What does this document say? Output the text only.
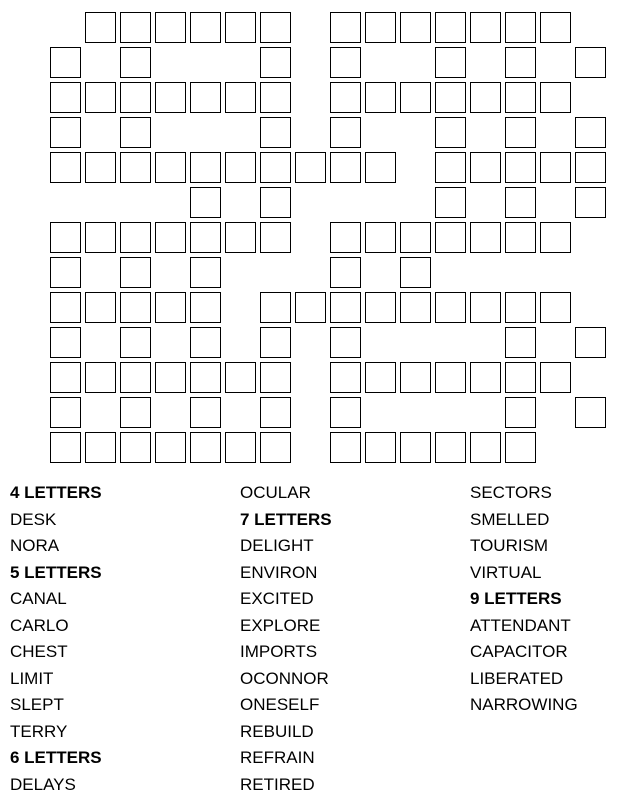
4 LETTERS
DESK
NORA
5 LETTERS
CANAL
CARLO
CHEST
LIMIT
SLEPT
TERRY
6 LETTERS
DELAYS
OCULAR
7 LETTERS
DELIGHT
ENVIRON
EXCITED
EXPLORE
IMPORTS
OCONNOR
ONESELF
REBUILD
REFRAIN
RETIRED
SECTORS
SMELLED
TOURISM
VIRTUAL
9 LETTERS
ATTENDANT
CAPACITOR
LIBERATED
NARROWING
